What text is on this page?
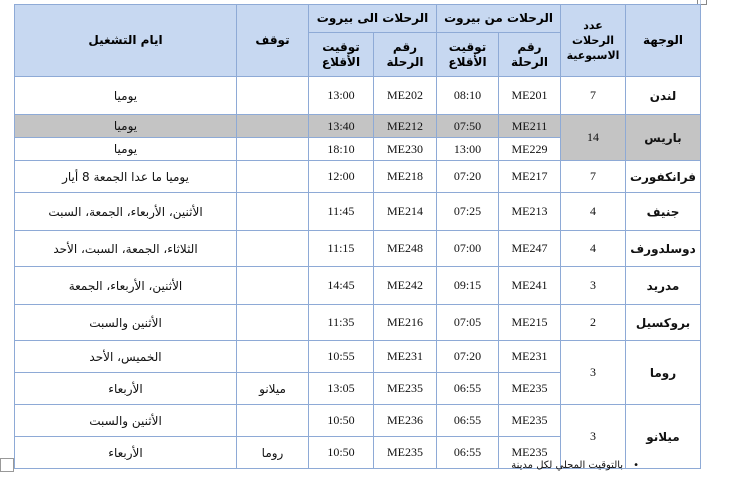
الوجهة	عدد الرحلات الاسبوعية	الرحلات من بيروت		الرحلات الى بيروت		توقف	ايام التشغيل
		رقم الرحلة	توقيت الأقلاع	رقم الرحلة	توقيت الأقلاع		
لندن	7	ME201	08:10	ME202	13:00		يوميا
باريس	14	ME211	07:50	ME212	13:40		يوميا
		ME229	13:00	ME230	18:10		يوميا
فرانكفورت	7	ME217	07:20	ME218	12:00		يوميا ما عدا الجمعة 8 أيار
جنيف	4	ME213	07:25	ME214	11:45		الأثنين، الأربعاء، الجمعة، السبت
دوسلدورف	4	ME247	07:00	ME248	11:15		الثلاثاء، الجمعة، السبت، الأحد
مدريد	3	ME241	09:15	ME242	14:45		الأثنين، الأربعاء، الجمعة
بروكسيل	2	ME215	07:05	ME216	11:35		الأثنين والسبت
روما	3	ME231	07:20	ME231	10:55		الخميس، الأحد
		ME235	06:55	ME235	13:05	ميلانو	الأربعاء
ميلانو	3	ME235	06:55	ME236	10:50		الأثنين والسبت
		ME235	06:55	ME235	10:50	روما	الأربعاء
•بالتوقيت المحلي لكل مدينة
